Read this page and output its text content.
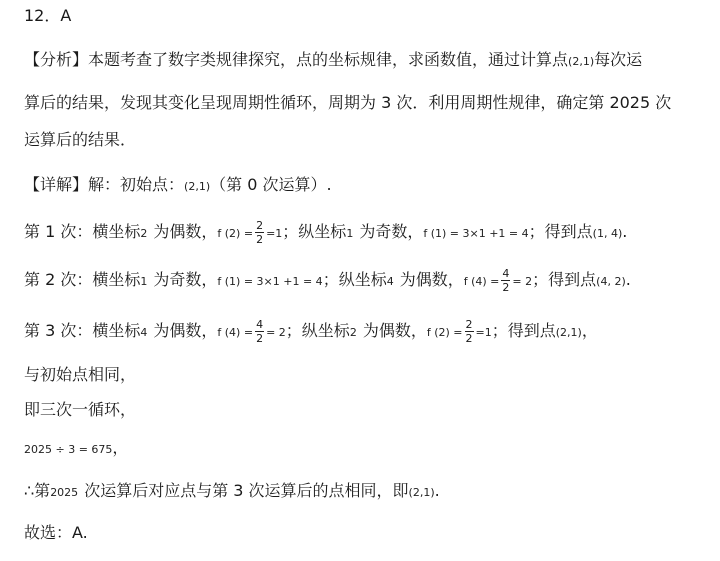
12．A
【分析】本题考查了数字类规律探究，点的坐标规律，求函数值，通过计算点(2,1)每次运
算后的结果，发现其变化呈现周期性循环，周期为 3 次．利用周期性规律，确定第 2025 次
运算后的结果．
【详解】解：初始点：(2,1)（第 0 次运算）.
第 1 次：横坐标2 为偶数，f $(2) = \frac{2}{2} =1$；纵坐标1 为奇数，f (1) = 3×1 +1 = 4；得到点(1, 4).
第 2 次：横坐标1 为奇数，f (1) = 3×1 +1 = 4；纵坐标4 为偶数，f $(4) = \frac{4}{2} = 2$；得到点(4, 2).
第 3 次：横坐标4 为偶数，f $(4) = \frac{4}{2} = 2$；纵坐标2 为偶数，f $(2) = \frac{2}{2} =1$；得到点(2,1)，
与初始点相同，
即三次一循环，
2025 ÷ 3 = 675，
∴第2025 次运算后对应点与第 3 次运算后的点相同，即(2,1).
故选：A.
